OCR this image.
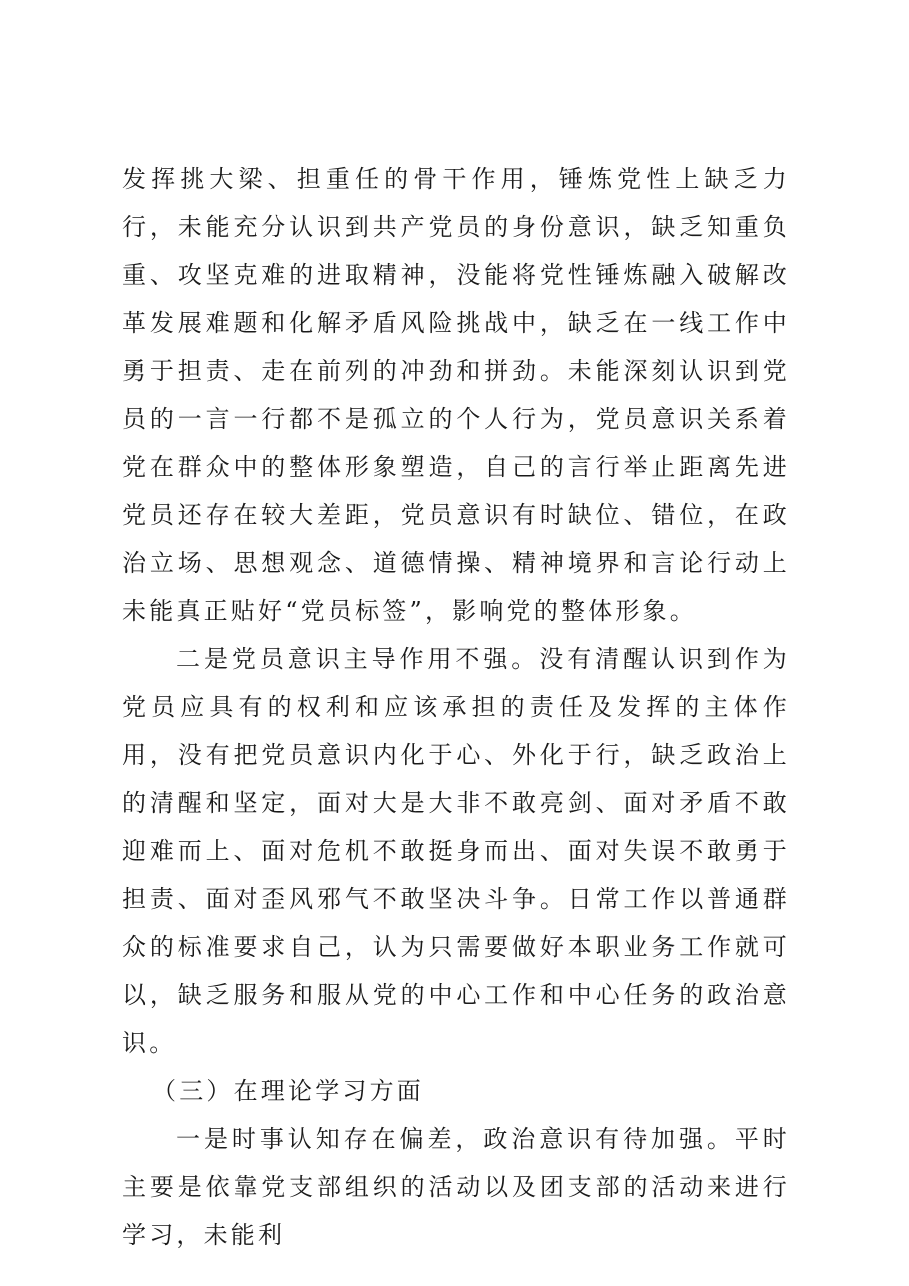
发挥挑大梁、担重任的骨干作用，锤炼党性上缺乏力行，未能充分认识到共产党员的身份意识，缺乏知重负重、攻坚克难的进取精神，没能将党性锤炼融入破解改革发展难题和化解矛盾风险挑战中，缺乏在一线工作中勇于担责、走在前列的冲劲和拼劲。未能深刻认识到党员的一言一行都不是孤立的个人行为，党员意识关系着党在群众中的整体形象塑造，自己的言行举止距离先进党员还存在较大差距，党员意识有时缺位、错位，在政治立场、思想观念、道德情操、精神境界和言论行动上未能真正贴好“党员标签”，影响党的整体形象。

二是党员意识主导作用不强。没有清醒认识到作为党员应具有的权利和应该承担的责任及发挥的主体作用，没有把党员意识内化于心、外化于行，缺乏政治上的清醒和坚定，面对大是大非不敢亮剑、面对矛盾不敢迎难而上、面对危机不敢挺身而出、面对失误不敢勇于担责、面对歪风邪气不敢坚决斗争。日常工作以普通群众的标准要求自己，认为只需要做好本职业务工作就可以，缺乏服务和服从党的中心工作和中心任务的政治意识。

（三）在理论学习方面

一是时事认知存在偏差，政治意识有待加强。平时主要是依靠党支部组织的活动以及团支部的活动来进行学习，未能利
